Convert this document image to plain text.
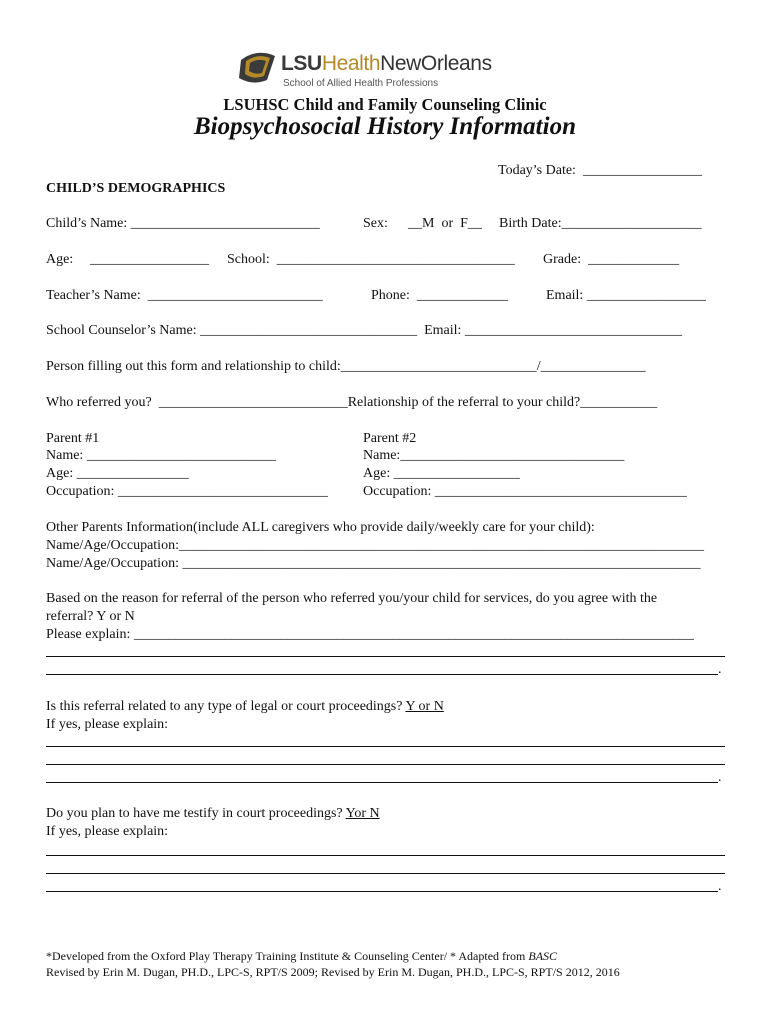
LSUHealthNewOrleans
School of Allied Health Professions
LSUHSC Child and Family Counseling Clinic
Biopsychosocial History Information
Today’s Date:  _________________
CHILD’S DEMOGRAPHICS
Child’s Name: ___________________________	Sex: __M  or  F__ Birth Date:____________________
Age: _________________ School:  __________________________________ Grade:  _____________
Teacher’s Name:  _________________________	Phone:  _____________	Email: _________________
School Counselor’s Name: _______________________________  Email: _______________________________
Person filling out this form and relationship to child:____________________________/_______________
Who referred you?  ___________________________Relationship of the referral to your child?___________
Parent #1
Name: ___________________________
Age: ________________
Occupation: ______________________________
Parent #2
Name:________________________________
Age: __________________
Occupation: ____________________________________
Other Parents Information(include ALL caregivers who provide daily/weekly care for your child):
Name/Age/Occupation:___________________________________________________________________________
Name/Age/Occupation: __________________________________________________________________________
Based on the reason for referral of the person who referred you/your child for services, do you agree with the
referral? Y or N
Please explain: ________________________________________________________________________________
.
Is this referral related to any type of legal or court proceedings? Y or N
If yes, please explain:
.
Do you plan to have me testify in court proceedings? Yor N
If yes, please explain:
.
*Developed from the Oxford Play Therapy Training Institute & Counseling Center/ * Adapted from BASC
Revised by Erin M. Dugan, PH.D., LPC-S, RPT/S 2009; Revised by Erin M. Dugan, PH.D., LPC-S, RPT/S 2012, 2016
